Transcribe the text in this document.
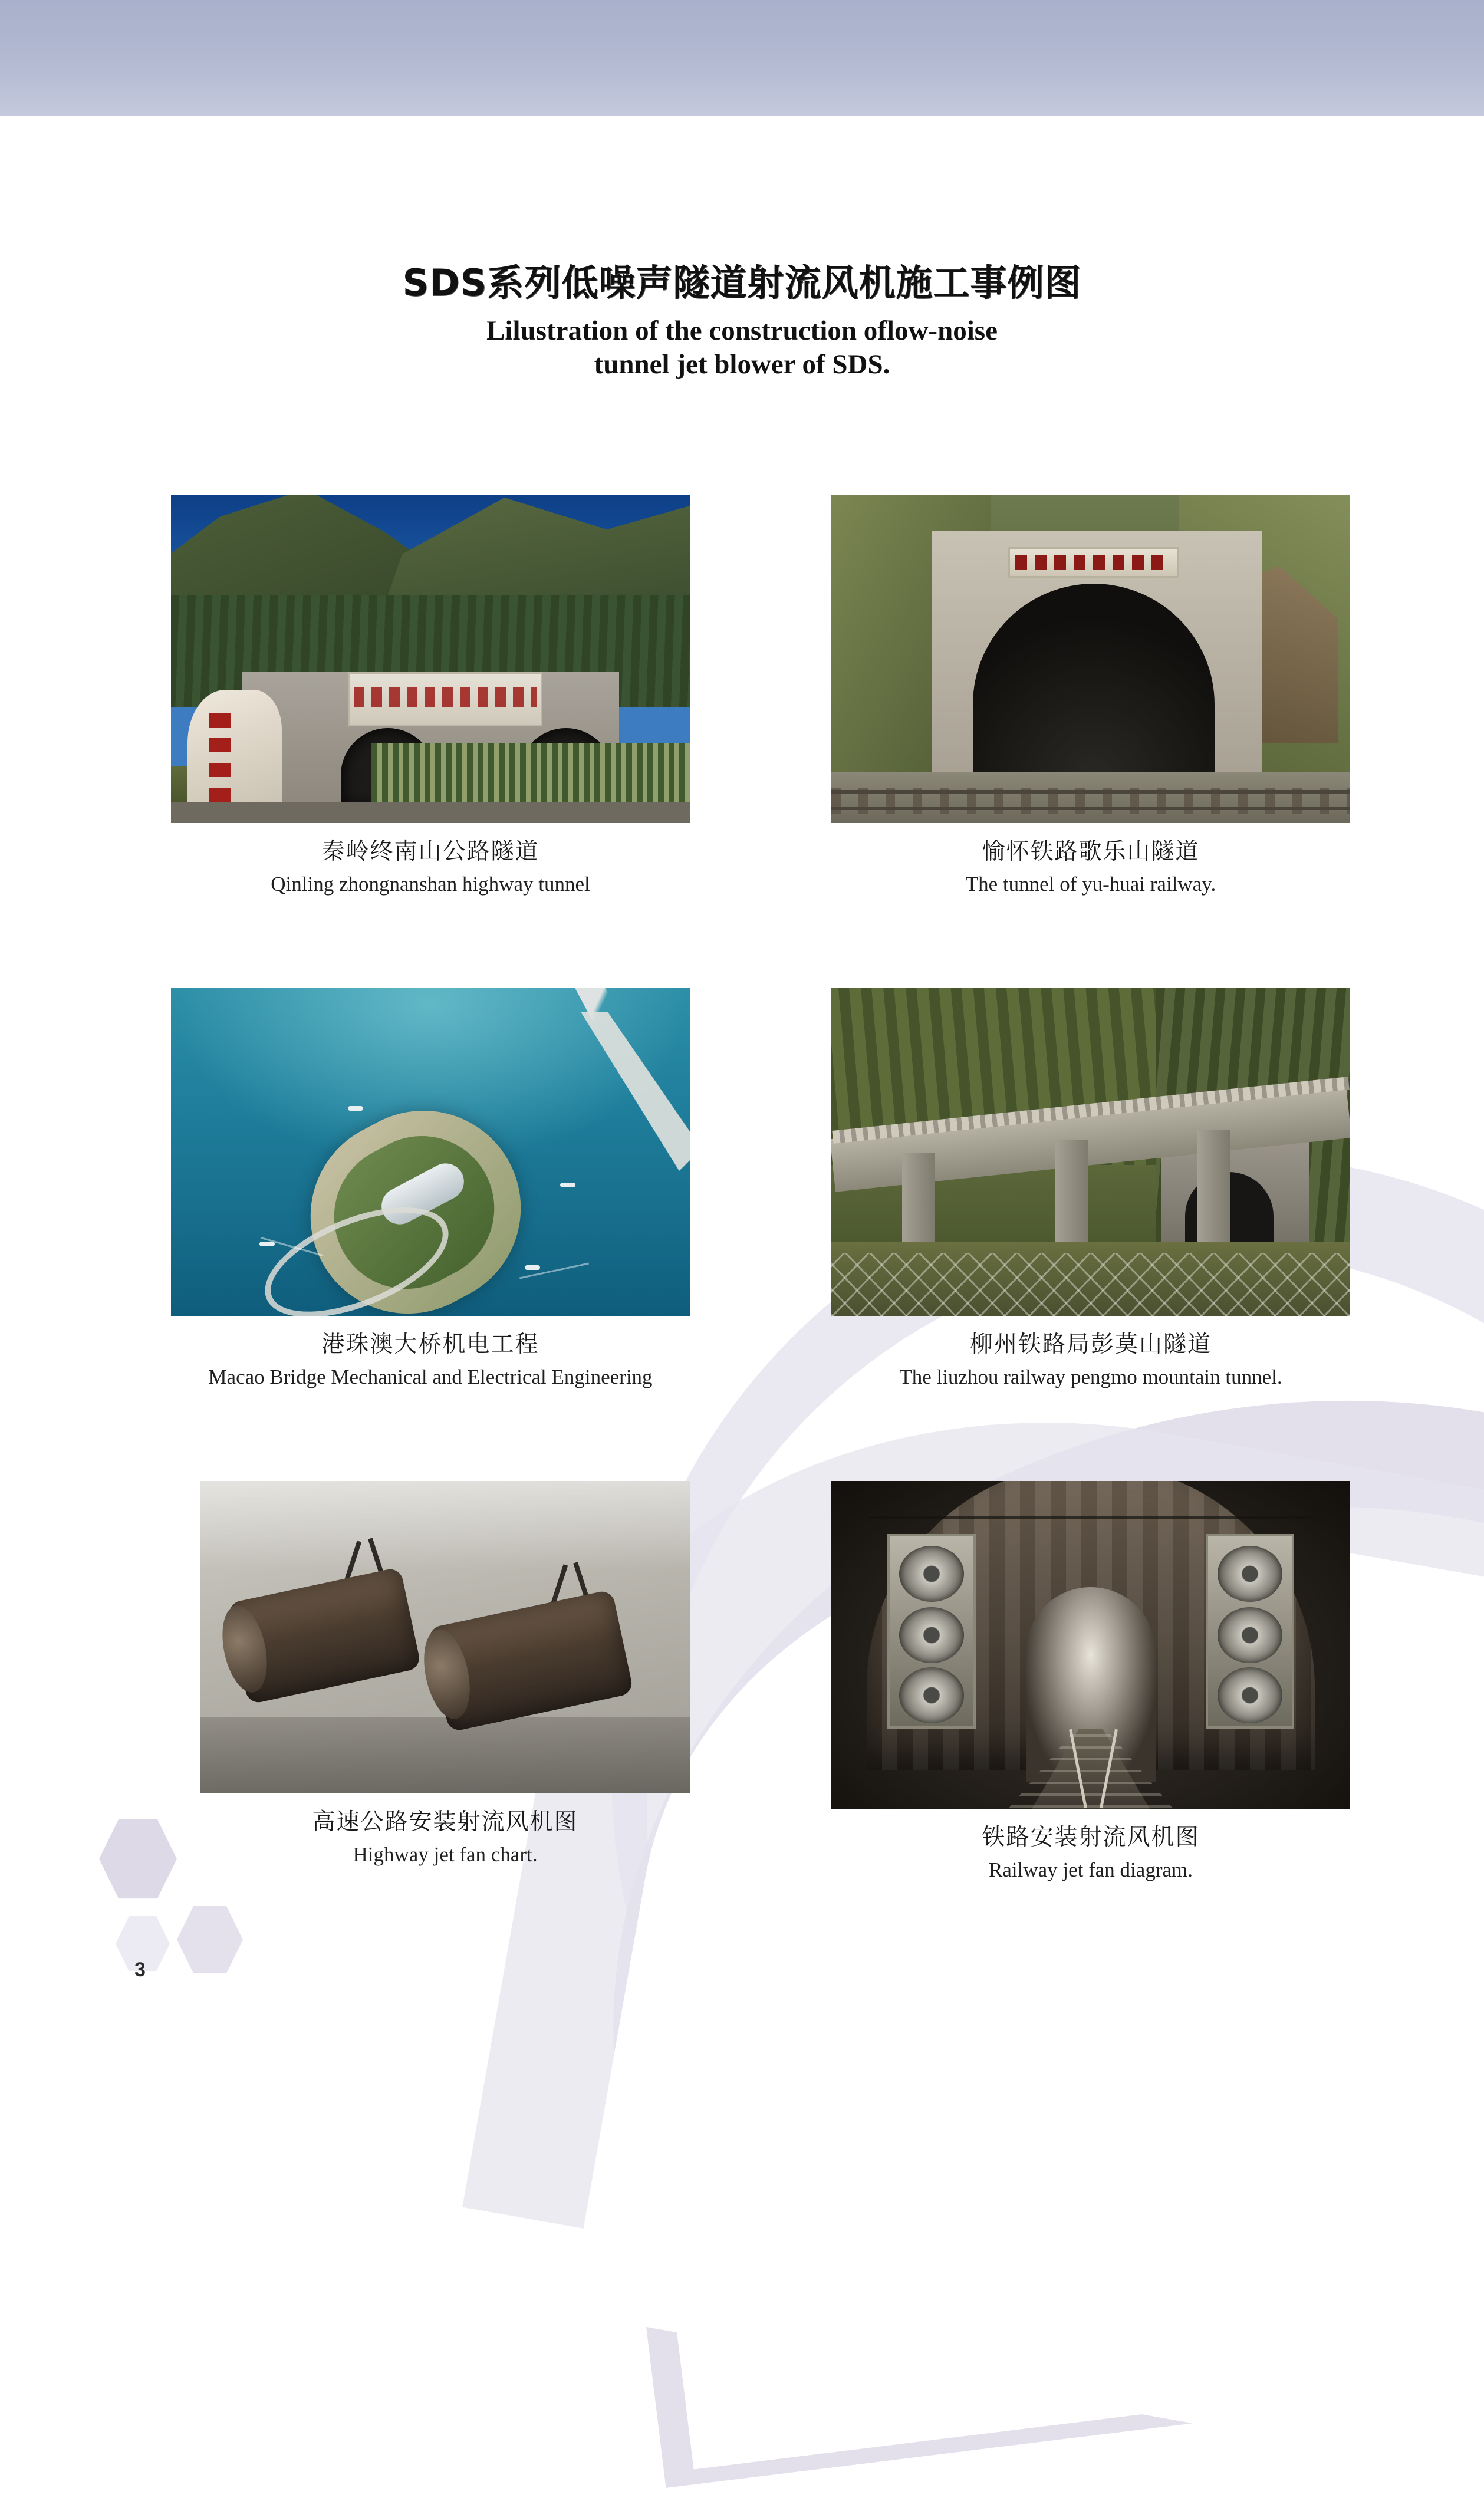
SDS系列低噪声隧道射流风机施工事例图
Lilustration of the construction oflow-noise
tunnel jet blower of SDS.
秦岭终南山公路隧道
Qinling zhongnanshan highway tunnel
愉怀铁路歌乐山隧道
The tunnel of yu-huai railway.
港珠澳大桥机电工程
Macao Bridge Mechanical and Electrical Engineering
柳州铁路局彭莫山隧道
The liuzhou railway pengmo mountain tunnel.
高速公路安装射流风机图
Highway jet fan chart.
铁路安装射流风机图
Railway jet fan diagram.
3
